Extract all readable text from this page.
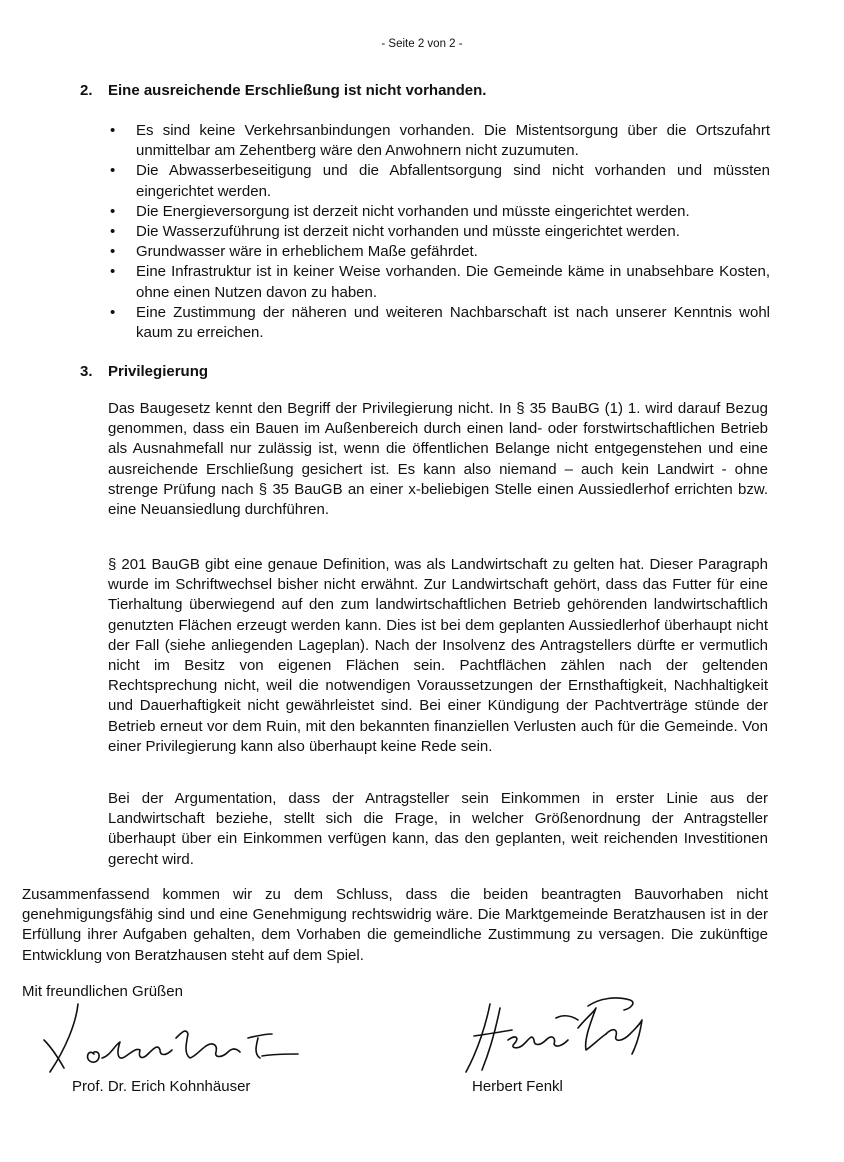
- Seite 2 von 2 -
2. Eine ausreichende Erschließung ist nicht vorhanden.
• Es sind keine Verkehrsanbindungen vorhanden. Die Mistentsorgung über die Ortszufahrt unmittelbar am Zehentberg wäre den Anwohnern nicht zuzumuten.
• Die Abwasserbeseitigung und die Abfallentsorgung sind nicht vorhanden und müssten eingerichtet werden.
• Die Energieversorgung ist derzeit nicht vorhanden und müsste eingerichtet werden.
• Die Wasserzuführung ist derzeit nicht vorhanden und müsste eingerichtet werden.
• Grundwasser wäre in erheblichem Maße gefährdet.
• Eine Infrastruktur ist in keiner Weise vorhanden. Die Gemeinde käme in unabsehbare Kosten, ohne einen Nutzen davon zu haben.
• Eine Zustimmung der näheren und weiteren Nachbarschaft ist nach unserer Kenntnis wohl kaum zu erreichen.
3. Privilegierung

Das Baugesetz kennt den Begriff der Privilegierung nicht. In § 35 BauBG (1) 1. wird darauf Bezug genommen, dass ein Bauen im Außenbereich durch einen land- oder forstwirtschaftlichen Betrieb als Ausnahmefall nur zulässig ist, wenn die öffentlichen Belange nicht entgegenstehen und eine ausreichende Erschließung gesichert ist. Es kann also niemand – auch kein Landwirt - ohne strenge Prüfung nach § 35 BauGB an einer x-beliebigen Stelle einen Aussiedlerhof errichten bzw. eine Neuansiedlung durchführen.

§ 201 BauGB gibt eine genaue Definition, was als Landwirtschaft zu gelten hat. Dieser Paragraph wurde im Schriftwechsel bisher nicht erwähnt. Zur Landwirtschaft gehört, dass das Futter für eine Tierhaltung überwiegend auf den zum landwirtschaftlichen Betrieb gehörenden landwirtschaftlich genutzten Flächen erzeugt werden kann. Dies ist bei dem geplanten Aussiedlerhof überhaupt nicht der Fall (siehe anliegenden Lageplan). Nach der Insolvenz des Antragstellers dürfte er vermutlich nicht im Besitz von eigenen Flächen sein. Pachtflächen zählen nach der geltenden Rechtsprechung nicht, weil die notwendigen Voraussetzungen der Ernsthaftigkeit, Nachhaltigkeit und Dauerhaftigkeit nicht gewährleistet sind. Bei einer Kündigung der Pachtverträge stünde der Betrieb erneut vor dem Ruin, mit den bekannten finanziellen Verlusten auch für die Gemeinde. Von einer Privilegierung kann also überhaupt keine Rede sein.

Bei der Argumentation, dass der Antragsteller sein Einkommen in erster Linie aus der Landwirtschaft beziehe, stellt sich die Frage, in welcher Größenordnung der Antragsteller überhaupt über ein Einkommen verfügen kann, das den geplanten, weit reichenden Investitionen gerecht wird.

Zusammenfassend kommen wir zu dem Schluss, dass die beiden beantragten Bauvorhaben nicht genehmigungsfähig sind und eine Genehmigung rechtswidrig wäre. Die Marktgemeinde Beratzhausen ist in der Erfüllung ihrer Aufgaben gehalten, dem Vorhaben die gemeindliche Zustimmung zu versagen. Die zukünftige Entwicklung von Beratzhausen steht auf dem Spiel.

Mit freundlichen Grüßen
Prof. Dr. Erich Kohnhäuser	Herbert Fenkl
